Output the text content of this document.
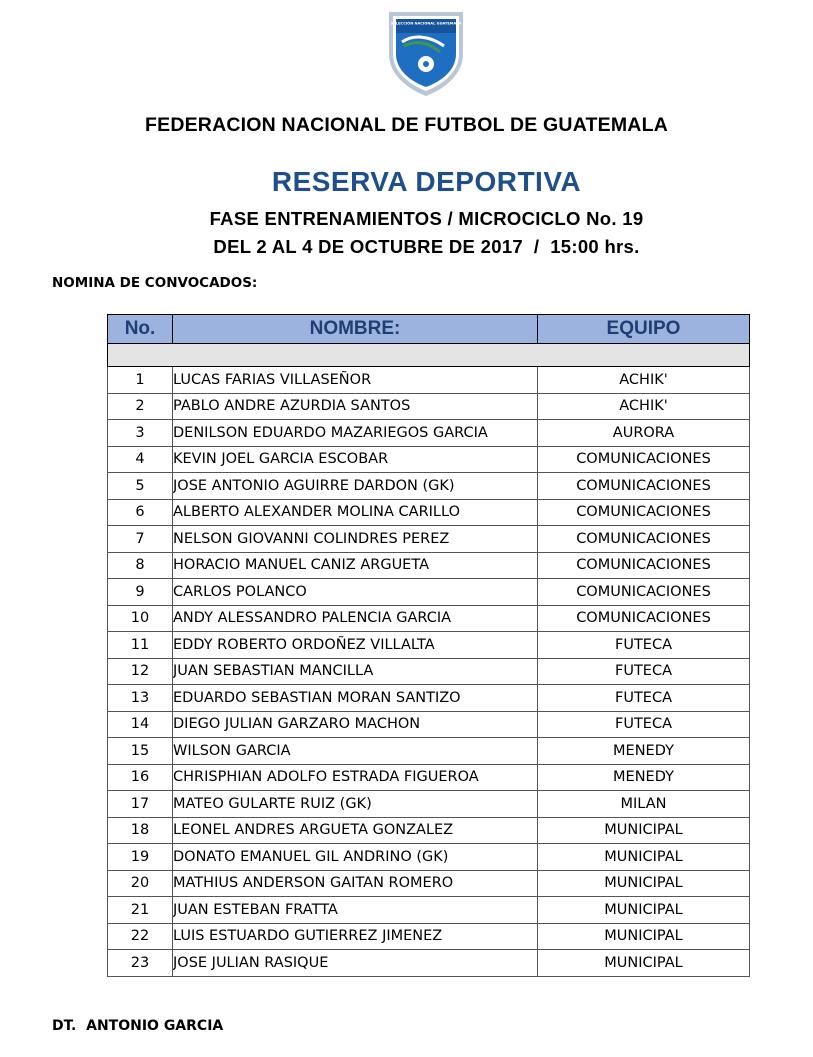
SELECCIÓN NACIONAL GUATEMALA
FEDERACION NACIONAL DE FUTBOL DE GUATEMALA
RESERVA DEPORTIVA
FASE ENTRENAMIENTOS / MICROCICLO No. 19
DEL 2 AL 4 DE OCTUBRE DE 2017  /  15:00 hrs.
NOMINA DE CONVOCADOS:
No.	NOMBRE:	EQUIPO

1	LUCAS FARIAS VILLASEÑOR	ACHIK'
2	PABLO ANDRE AZURDIA SANTOS	ACHIK'
3	DENILSON EDUARDO MAZARIEGOS GARCIA	AURORA
4	KEVIN JOEL GARCIA ESCOBAR	COMUNICACIONES
5	JOSE ANTONIO AGUIRRE DARDON (GK)	COMUNICACIONES
6	ALBERTO ALEXANDER MOLINA CARILLO	COMUNICACIONES
7	NELSON GIOVANNI COLINDRES PEREZ	COMUNICACIONES
8	HORACIO MANUEL CANIZ ARGUETA	COMUNICACIONES
9	CARLOS POLANCO	COMUNICACIONES
10	ANDY ALESSANDRO PALENCIA GARCIA	COMUNICACIONES
11	EDDY ROBERTO ORDOÑEZ VILLALTA	FUTECA
12	JUAN SEBASTIAN MANCILLA	FUTECA
13	EDUARDO SEBASTIAN MORAN SANTIZO	FUTECA
14	DIEGO JULIAN GARZARO MACHON	FUTECA
15	WILSON GARCIA	MENEDY
16	CHRISPHIAN ADOLFO ESTRADA FIGUEROA	MENEDY
17	MATEO GULARTE RUIZ (GK)	MILAN
18	LEONEL ANDRES ARGUETA GONZALEZ	MUNICIPAL
19	DONATO EMANUEL GIL ANDRINO (GK)	MUNICIPAL
20	MATHIUS ANDERSON GAITAN ROMERO	MUNICIPAL
21	JUAN ESTEBAN FRATTA	MUNICIPAL
22	LUIS ESTUARDO GUTIERREZ JIMENEZ	MUNICIPAL
23	JOSE JULIAN RASIQUE	MUNICIPAL
DT.  ANTONIO GARCIA
